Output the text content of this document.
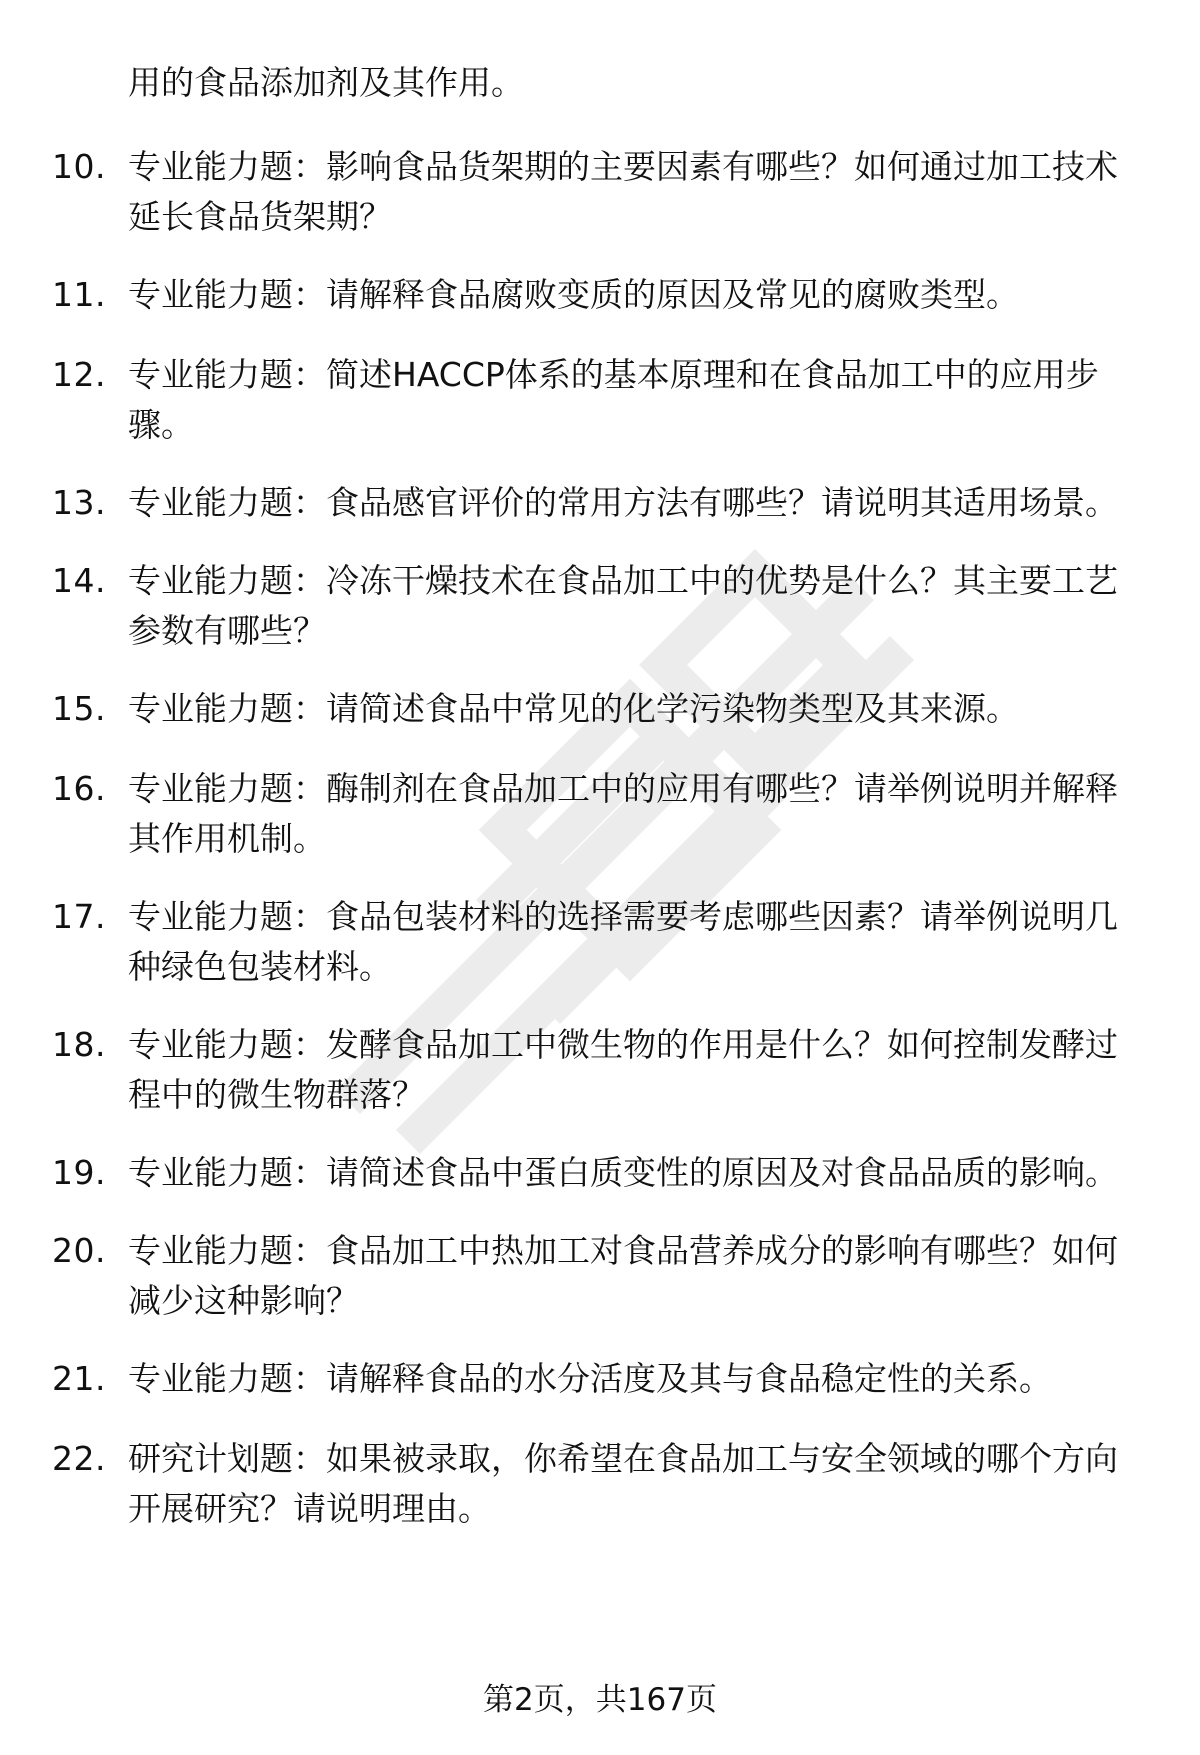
用的食品添加剂及其作用。
10. 专业能力题：影响食品货架期的主要因素有哪些？如何通过加工技术延长食品货架期？
11. 专业能力题：请解释食品腐败变质的原因及常见的腐败类型。
12. 专业能力题：简述HACCP体系的基本原理和在食品加工中的应用步骤。
13. 专业能力题：食品感官评价的常用方法有哪些？请说明其适用场景。
14. 专业能力题：冷冻干燥技术在食品加工中的优势是什么？其主要工艺参数有哪些？
15. 专业能力题：请简述食品中常见的化学污染物类型及其来源。
16. 专业能力题：酶制剂在食品加工中的应用有哪些？请举例说明并解释其作用机制。
17. 专业能力题：食品包装材料的选择需要考虑哪些因素？请举例说明几种绿色包装材料。
18. 专业能力题：发酵食品加工中微生物的作用是什么？如何控制发酵过程中的微生物群落？
19. 专业能力题：请简述食品中蛋白质变性的原因及对食品品质的影响。
20. 专业能力题：食品加工中热加工对食品营养成分的影响有哪些？如何减少这种影响？
21. 专业能力题：请解释食品的水分活度及其与食品稳定性的关系。
22. 研究计划题：如果被录取，你希望在食品加工与安全领域的哪个方向开展研究？请说明理由。
第2页，共167页
